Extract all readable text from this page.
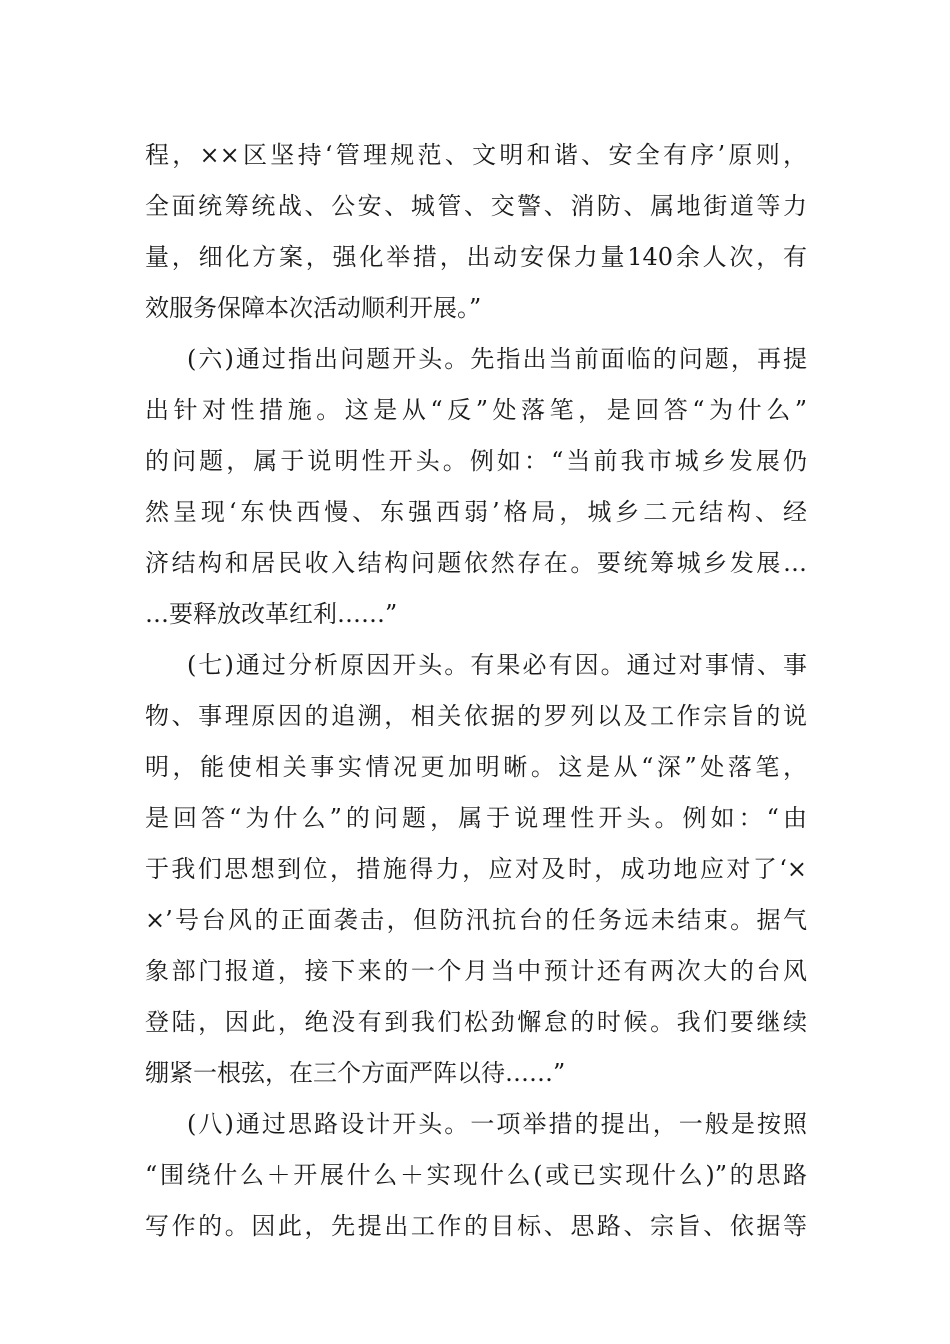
程，××区坚持‘管理规范、文明和谐、安全有序’原则，
全面统筹统战、公安、城管、交警、消防、属地街道等力
量，细化方案，强化举措，出动安保力量140余人次，有
效服务保障本次活动顺利开展。”
(六)通过指出问题开头。先指出当前面临的问题，再提
出针对性措施。这是从“反”处落笔，是回答“为什么”
的问题，属于说明性开头。例如：“当前我市城乡发展仍
然呈现‘东快西慢、东强西弱’格局，城乡二元结构、经
济结构和居民收入结构问题依然存在。要统筹城乡发展…
…要释放改革红利……”
(七)通过分析原因开头。有果必有因。通过对事情、事
物、事理原因的追溯，相关依据的罗列以及工作宗旨的说
明，能使相关事实情况更加明晰。这是从“深”处落笔，
是回答“为什么”的问题，属于说理性开头。例如：“由
于我们思想到位，措施得力，应对及时，成功地应对了‘×
×’号台风的正面袭击，但防汛抗台的任务远未结束。据气
象部门报道，接下来的一个月当中预计还有两次大的台风
登陆，因此，绝没有到我们松劲懈怠的时候。我们要继续
绷紧一根弦，在三个方面严阵以待……”
(八)通过思路设计开头。一项举措的提出，一般是按照
“围绕什么＋开展什么＋实现什么(或已实现什么)”的思路
写作的。因此，先提出工作的目标、思路、宗旨、依据等
